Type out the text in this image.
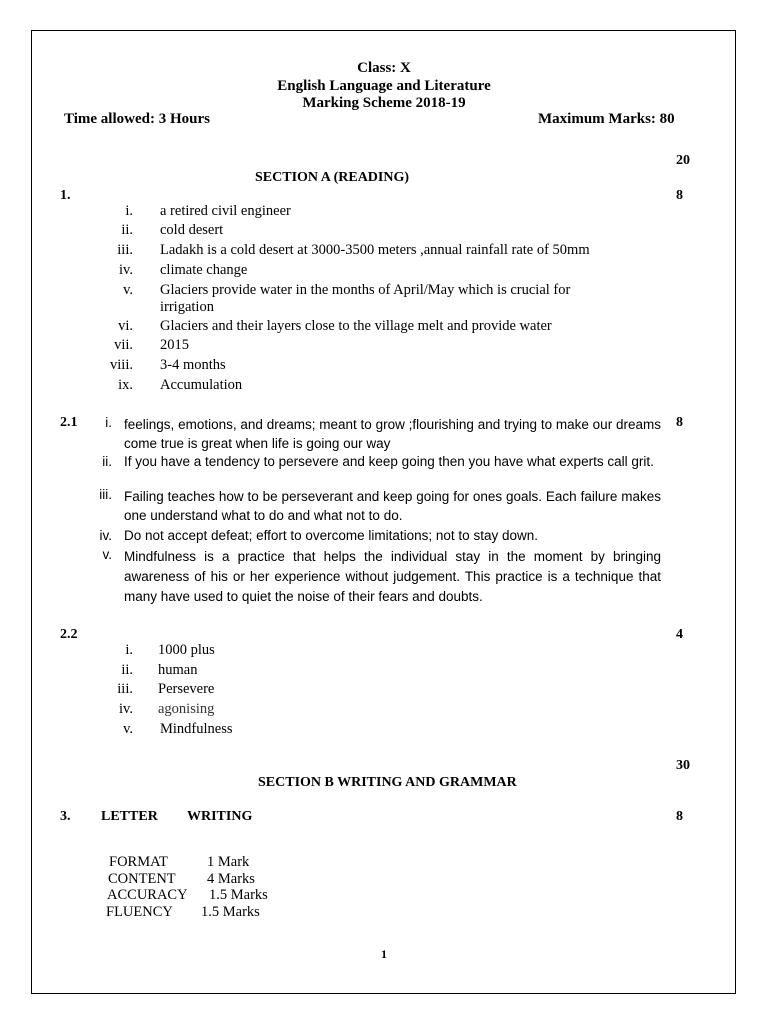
Class: X
English Language and Literature
Marking Scheme 2018-19
Time allowed: 3 Hours	Maximum Marks: 80
20
SECTION A (READING)
1.	8
i. a retired civil engineer
ii. cold desert
iii. Ladakh is a cold desert at 3000-3500 meters ,annual rainfall rate of 50mm
iv. climate change
v. Glaciers provide water in the months of April/May which is crucial for irrigation
vi. Glaciers and their layers close to the village melt and provide water
vii. 2015
viii. 3-4 months
ix. Accumulation
2.1	8
i. feelings, emotions, and dreams; meant to grow ;flourishing and trying to make our dreams come true is great when life is going our way
ii. If you have a tendency to persevere and keep going then you have what experts call grit.
iii. Failing teaches how to be perseverant and keep going for ones goals. Each failure makes one understand what to do and what not to do.
iv. Do not accept defeat; effort to overcome limitations; not to stay down.
v. Mindfulness is a practice that helps the individual stay in the moment by bringing awareness of his or her experience without judgement. This practice is a technique that many have used to quiet the noise of their fears and doubts.
2.2	4
i. 1000 plus
ii. human
iii. Persevere
iv. agonising
v. Mindfulness
30
SECTION B WRITING AND GRAMMAR
3. LETTER WRITING	8
FORMAT	1 Mark
CONTENT 4 Marks
ACCURACY 1.5 Marks
FLUENCY 1.5 Marks
1
